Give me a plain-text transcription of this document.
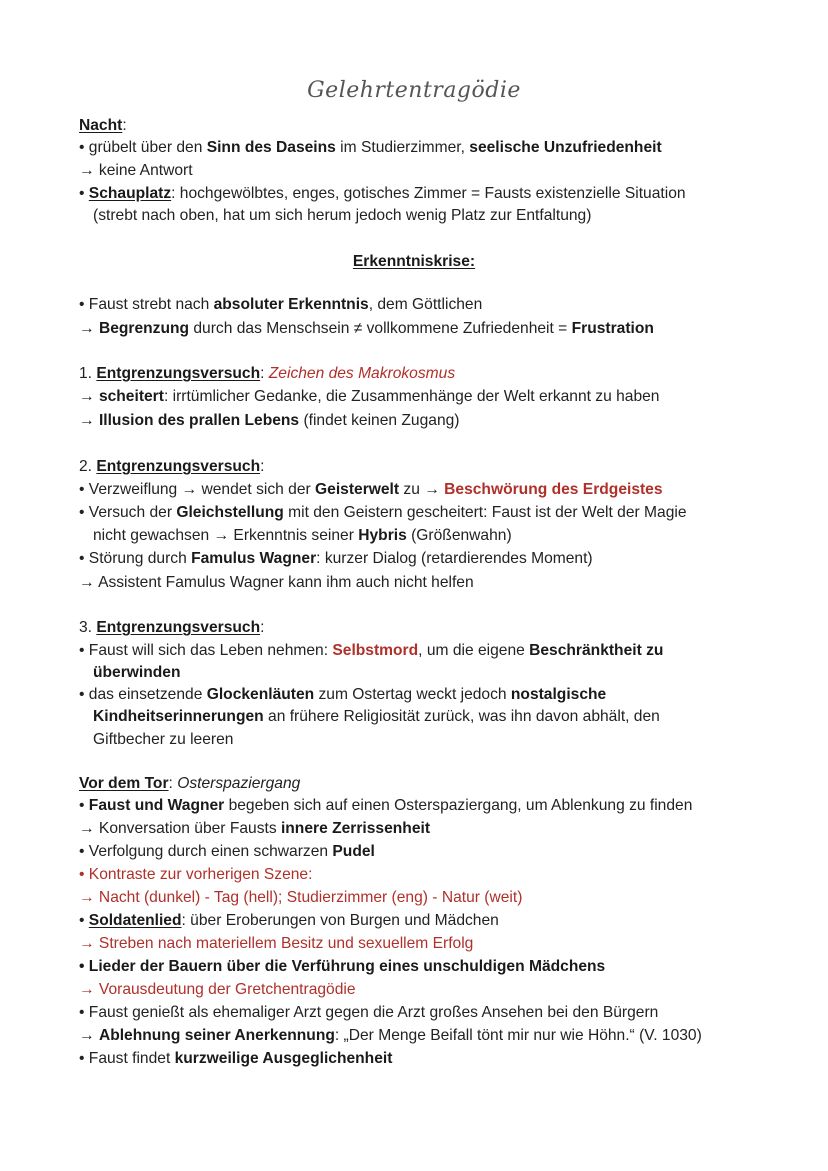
Gelehrtentragödie
Nacht:
• grübelt über den Sinn des Daseins im Studierzimmer, seelische Unzufriedenheit
→ keine Antwort
• Schauplatz: hochgewölbtes, enges, gotisches Zimmer = Fausts existenzielle Situation
(strebt nach oben, hat um sich herum jedoch wenig Platz zur Entfaltung)
Erkenntniskrise:
• Faust strebt nach absoluter Erkenntnis, dem Göttlichen
→ Begrenzung durch das Menschsein ≠ vollkommene Zufriedenheit = Frustration
1. Entgrenzungsversuch: Zeichen des Makrokosmus
→ scheitert: irrtümlicher Gedanke, die Zusammenhänge der Welt erkannt zu haben
→ Illusion des prallen Lebens (findet keinen Zugang)
2. Entgrenzungsversuch:
• Verzweiflung → wendet sich der Geisterwelt zu → Beschwörung des Erdgeistes
• Versuch der Gleichstellung mit den Geistern gescheitert: Faust ist der Welt der Magie
nicht gewachsen → Erkenntnis seiner Hybris (Größenwahn)
• Störung durch Famulus Wagner: kurzer Dialog (retardierendes Moment)
→ Assistent Famulus Wagner kann ihm auch nicht helfen
3. Entgrenzungsversuch:
• Faust will sich das Leben nehmen: Selbstmord, um die eigene Beschränktheit zu
überwinden
• das einsetzende Glockenläuten zum Ostertag weckt jedoch nostalgische
Kindheitserinnerungen an frühere Religiosität zurück, was ihn davon abhält, den
Giftbecher zu leeren
Vor dem Tor: Osterspaziergang
• Faust und Wagner begeben sich auf einen Osterspaziergang, um Ablenkung zu finden
→ Konversation über Fausts innere Zerrissenheit
• Verfolgung durch einen schwarzen Pudel
• Kontraste zur vorherigen Szene:
→ Nacht (dunkel) - Tag (hell); Studierzimmer (eng) - Natur (weit)
• Soldatenlied: über Eroberungen von Burgen und Mädchen
→ Streben nach materiellem Besitz und sexuellem Erfolg
• Lieder der Bauern über die Verführung eines unschuldigen Mädchens
→ Vorausdeutung der Gretchentragödie
• Faust genießt als ehemaliger Arzt gegen die Arzt großes Ansehen bei den Bürgern
→ Ablehnung seiner Anerkennung: „Der Menge Beifall tönt mir nur wie Höhn.“ (V. 1030)
• Faust findet kurzweilige Ausgeglichenheit
